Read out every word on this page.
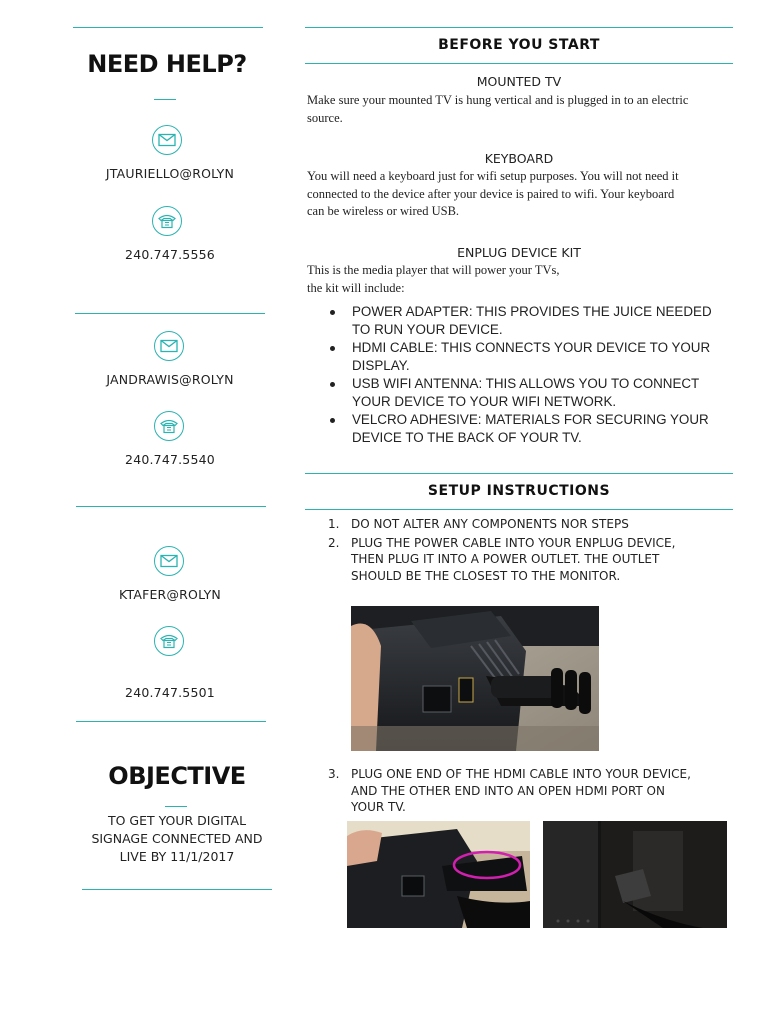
NEED HELP?
JTAURIELLO@ROLYN
240.747.5556
JANDRAWIS@ROLYN
240.747.5540
KTAFER@ROLYN
240.747.5501
OBJECTIVE
TO GET YOUR DIGITAL
SIGNAGE CONNECTED AND
LIVE BY 11/1/2017
BEFORE YOU START
MOUNTED TV
Make sure your mounted TV is hung vertical and is plugged in to an electric
source.
KEYBOARD
You will need a keyboard just for wifi setup purposes. You will not need it
connected to the device after your device is paired to wifi. Your keyboard
can be wireless or wired USB.
ENPLUG DEVICE KIT
This is the media player that will power your TVs,
the kit will include:
POWER ADAPTER: THIS PROVIDES THE JUICE NEEDED
TO RUN YOUR DEVICE.
HDMI CABLE: THIS CONNECTS YOUR DEVICE TO YOUR
DISPLAY.
USB WIFI ANTENNA: THIS ALLOWS YOU TO CONNECT
YOUR DEVICE TO YOUR WIFI NETWORK.
VELCRO ADHESIVE: MATERIALS FOR SECURING YOUR
DEVICE TO THE BACK OF YOUR TV.
SETUP INSTRUCTIONS
1. DO NOT ALTER ANY COMPONENTS NOR STEPS
2. PLUG THE POWER CABLE INTO YOUR ENPLUG DEVICE,
THEN PLUG IT INTO A POWER OUTLET. THE OUTLET
SHOULD BE THE CLOSEST TO THE MONITOR.
3. PLUG ONE END OF THE HDMI CABLE INTO YOUR DEVICE,
AND THE OTHER END INTO AN OPEN HDMI PORT ON
YOUR TV.
